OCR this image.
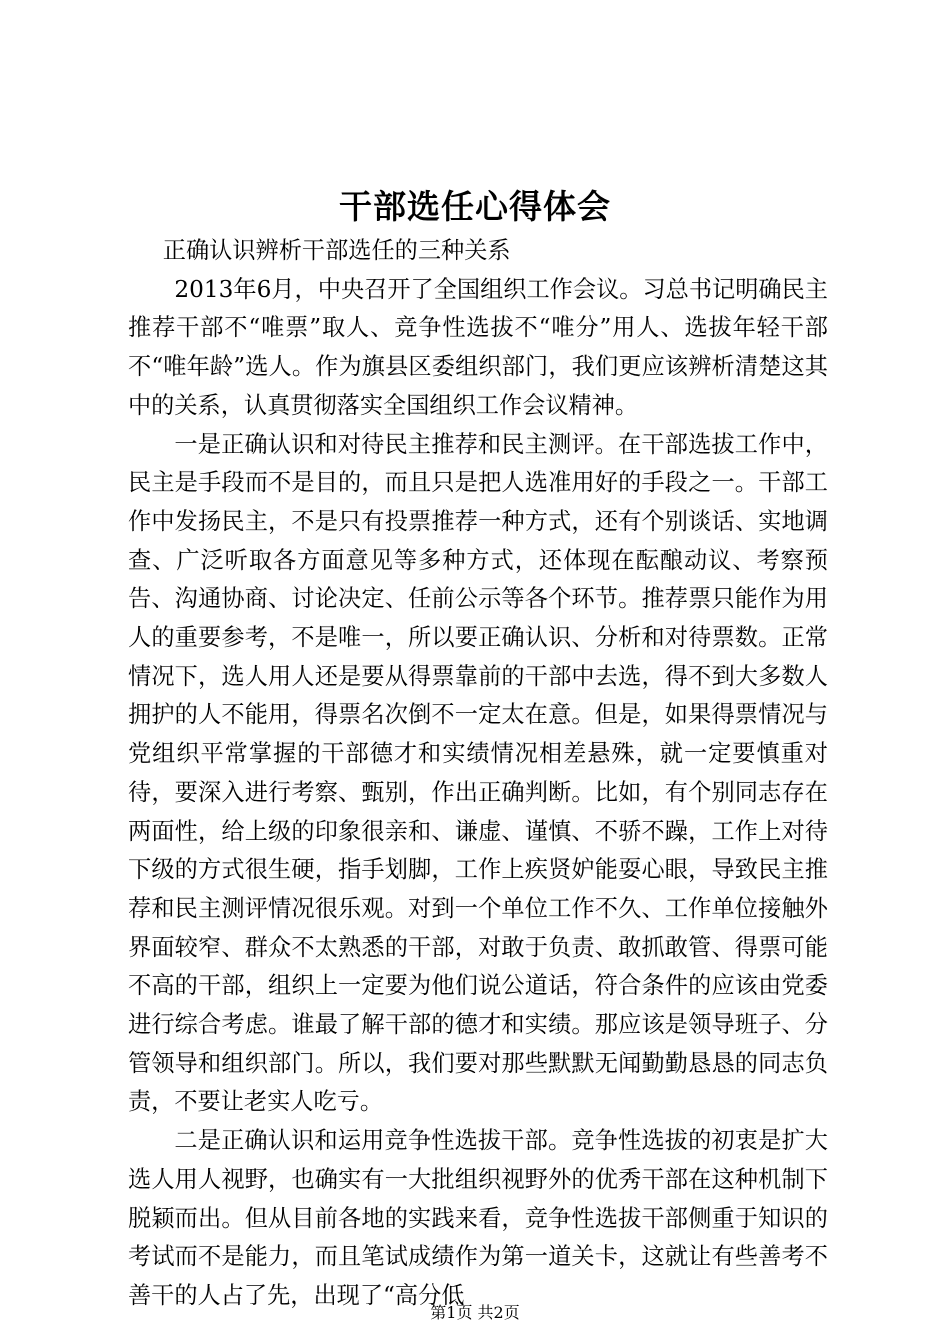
干部选任心得体会

正确认识辨析干部选任的三种关系

2013年6月，中央召开了全国组织工作会议。习总书记明确民主推荐干部不“唯票”取人、竞争性选拔不“唯分”用人、选拔年轻干部不“唯年龄”选人。作为旗县区委组织部门，我们更应该辨析清楚这其中的关系，认真贯彻落实全国组织工作会议精神。

一是正确认识和对待民主推荐和民主测评。在干部选拔工作中，民主是手段而不是目的，而且只是把人选准用好的手段之一。干部工作中发扬民主，不是只有投票推荐一种方式，还有个别谈话、实地调查、广泛听取各方面意见等多种方式，还体现在酝酿动议、考察预告、沟通协商、讨论决定、任前公示等各个环节。推荐票只能作为用人的重要参考，不是唯一，所以要正确认识、分析和对待票数。正常情况下，选人用人还是要从得票靠前的干部中去选，得不到大多数人拥护的人不能用，得票名次倒不一定太在意。但是，如果得票情况与党组织平常掌握的干部德才和实绩情况相差悬殊，就一定要慎重对待，要深入进行考察、甄别，作出正确判断。比如，有个别同志存在两面性，给上级的印象很亲和、谦虚、谨慎、不骄不躁，工作上对待下级的方式很生硬，指手划脚，工作上疾贤妒能耍心眼，导致民主推荐和民主测评情况很乐观。对到一个单位工作不久、工作单位接触外界面较窄、群众不太熟悉的干部，对敢于负责、敢抓敢管、得票可能不高的干部，组织上一定要为他们说公道话，符合条件的应该由党委进行综合考虑。谁最了解干部的德才和实绩。那应该是领导班子、分管领导和组织部门。所以，我们要对那些默默无闻勤勤恳恳的同志负责，不要让老实人吃亏。

二是正确认识和运用竞争性选拔干部。竞争性选拔的初衷是扩大选人用人视野，也确实有一大批组织视野外的优秀干部在这种机制下脱颖而出。但从目前各地的实践来看，竞争性选拔干部侧重于知识的考试而不是能力，而且笔试成绩作为第一道关卡，这就让有些善考不善干的人占了先，出现了“高分低

第1页 共2页
